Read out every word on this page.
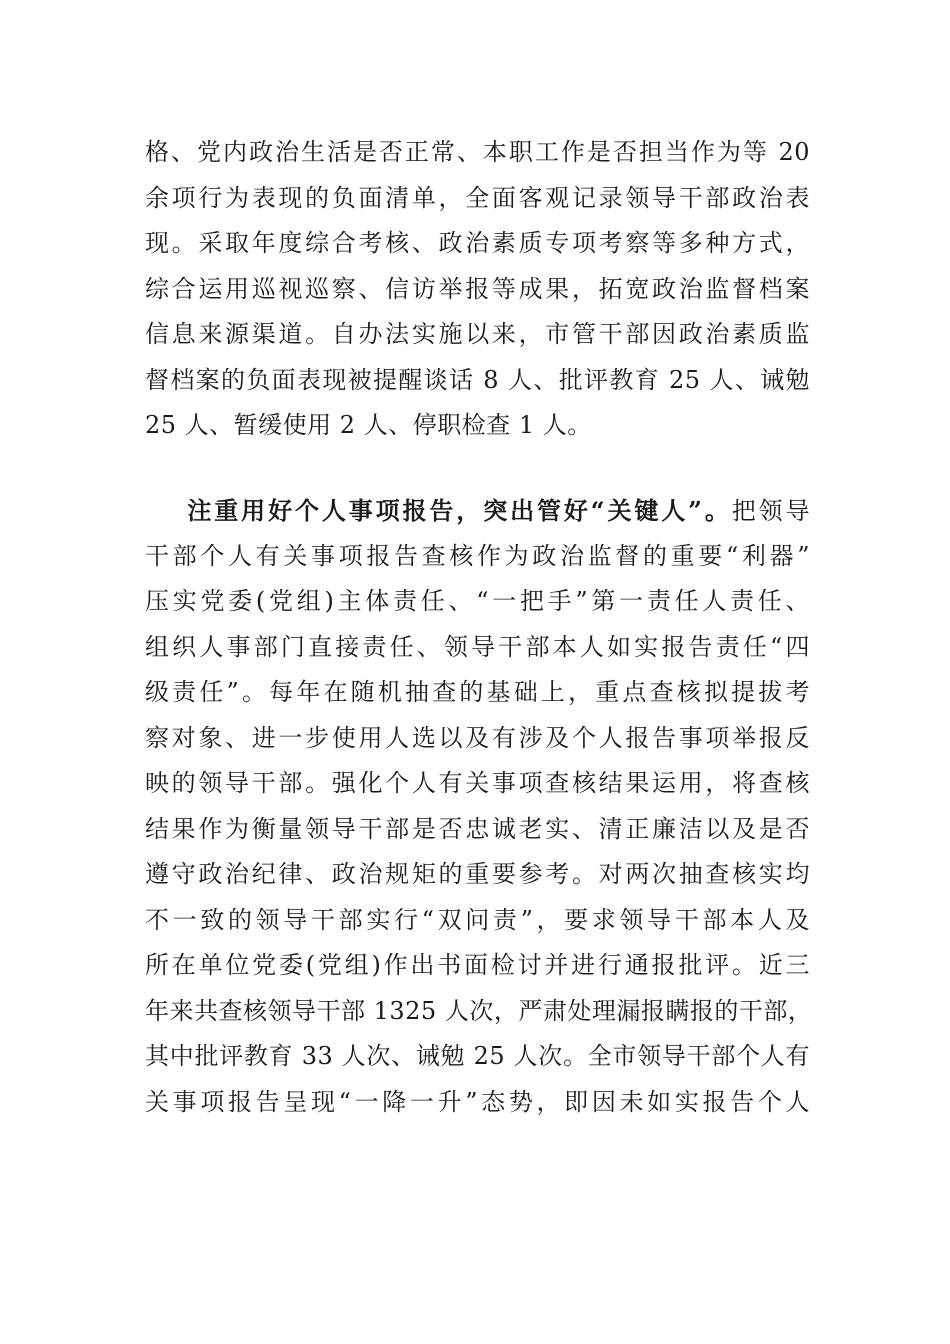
格、党内政治生活是否正常、本职工作是否担当作为等 20
余项行为表现的负面清单，全面客观记录领导干部政治表
现。采取年度综合考核、政治素质专项考察等多种方式，
综合运用巡视巡察、信访举报等成果，拓宽政治监督档案
信息来源渠道。自办法实施以来，市管干部因政治素质监
督档案的负面表现被提醒谈话 8 人、批评教育 25 人、诫勉
25 人、暂缓使用 2 人、停职检查 1 人。
注重用好个人事项报告，突出管好“关键人”。把领导
干部个人有关事项报告查核作为政治监督的重要“利器”
压实党委(党组)主体责任、“一把手”第一责任人责任、
组织人事部门直接责任、领导干部本人如实报告责任“四
级责任”。每年在随机抽查的基础上，重点查核拟提拔考
察对象、进一步使用人选以及有涉及个人报告事项举报反
映的领导干部。强化个人有关事项查核结果运用，将查核
结果作为衡量领导干部是否忠诚老实、清正廉洁以及是否
遵守政治纪律、政治规矩的重要参考。对两次抽查核实均
不一致的领导干部实行“双问责”，要求领导干部本人及
所在单位党委(党组)作出书面检讨并进行通报批评。近三
年来共查核领导干部 1325 人次，严肃处理漏报瞒报的干部，
其中批评教育 33 人次、诫勉 25 人次。全市领导干部个人有
关事项报告呈现“一降一升”态势，即因未如实报告个人
